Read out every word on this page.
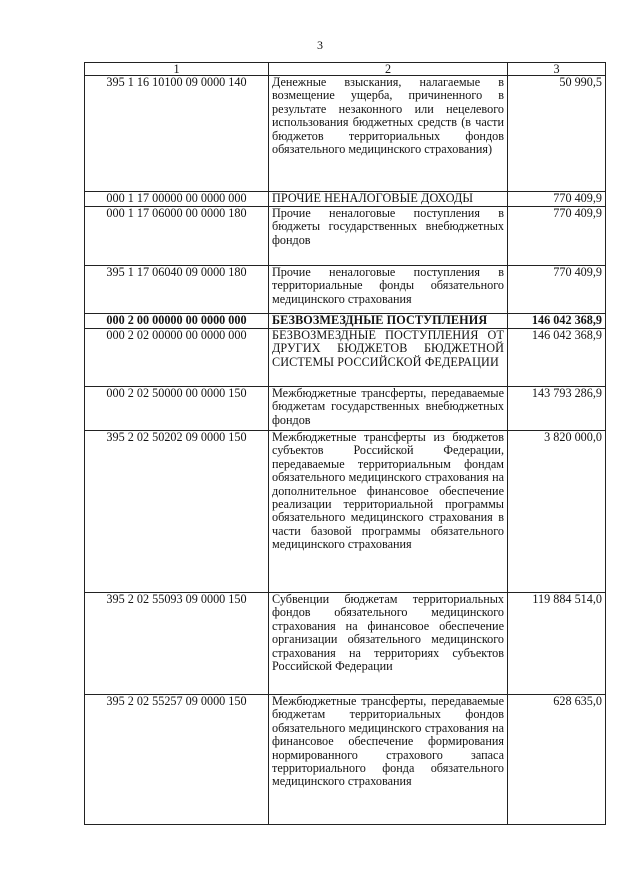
3
1	2	3
395 1 16 10100 09 0000 140	Денежные взыскания, налагаемые в возмещение ущерба, причиненного в результате незаконного или нецелевого использования бюджетных средств (в части бюджетов территориальных фондов обязательного медицинского страхования)	50 990,5
000 1 17 00000 00 0000 000	ПРОЧИЕ НЕНАЛОГОВЫЕ ДОХОДЫ	770 409,9
000 1 17 06000 00 0000 180	Прочие неналоговые поступления в бюджеты государственных внебюджетных фондов	770 409,9
395 1 17 06040 09 0000 180	Прочие неналоговые поступления в территориальные фонды обязательного медицинского страхования	770 409,9
000 2 00 00000 00 0000 000	БЕЗВОЗМЕЗДНЫЕ ПОСТУПЛЕНИЯ	146 042 368,9
000 2 02 00000 00 0000 000	БЕЗВОЗМЕЗДНЫЕ ПОСТУПЛЕНИЯ ОТ ДРУГИХ БЮДЖЕТОВ БЮДЖЕТНОЙ СИСТЕМЫ РОССИЙСКОЙ ФЕДЕРАЦИИ	146 042 368,9
000 2 02 50000 00 0000 150	Межбюджетные трансферты, передаваемые бюджетам государственных внебюджетных фондов	143 793 286,9
395 2 02 50202 09 0000 150	Межбюджетные трансферты из бюджетов субъектов Российской Федерации, передаваемые территориальным фондам обязательного медицинского страхования на дополнительное финансовое обеспечение реализации территориальной программы обязательного медицинского страхования в части базовой программы обязательного медицинского страхования	3 820 000,0
395 2 02 55093 09 0000 150	Субвенции бюджетам территориальных фондов обязательного медицинского страхования на финансовое обеспечение организации обязательного медицинского страхования на территориях субъектов Российской Федерации	119 884 514,0
395 2 02 55257 09 0000 150	Межбюджетные трансферты, передаваемые бюджетам территориальных фондов обязательного медицинского страхования на финансовое обеспечение формирования нормированного страхового запаса территориального фонда обязательного медицинского страхования	628 635,0
